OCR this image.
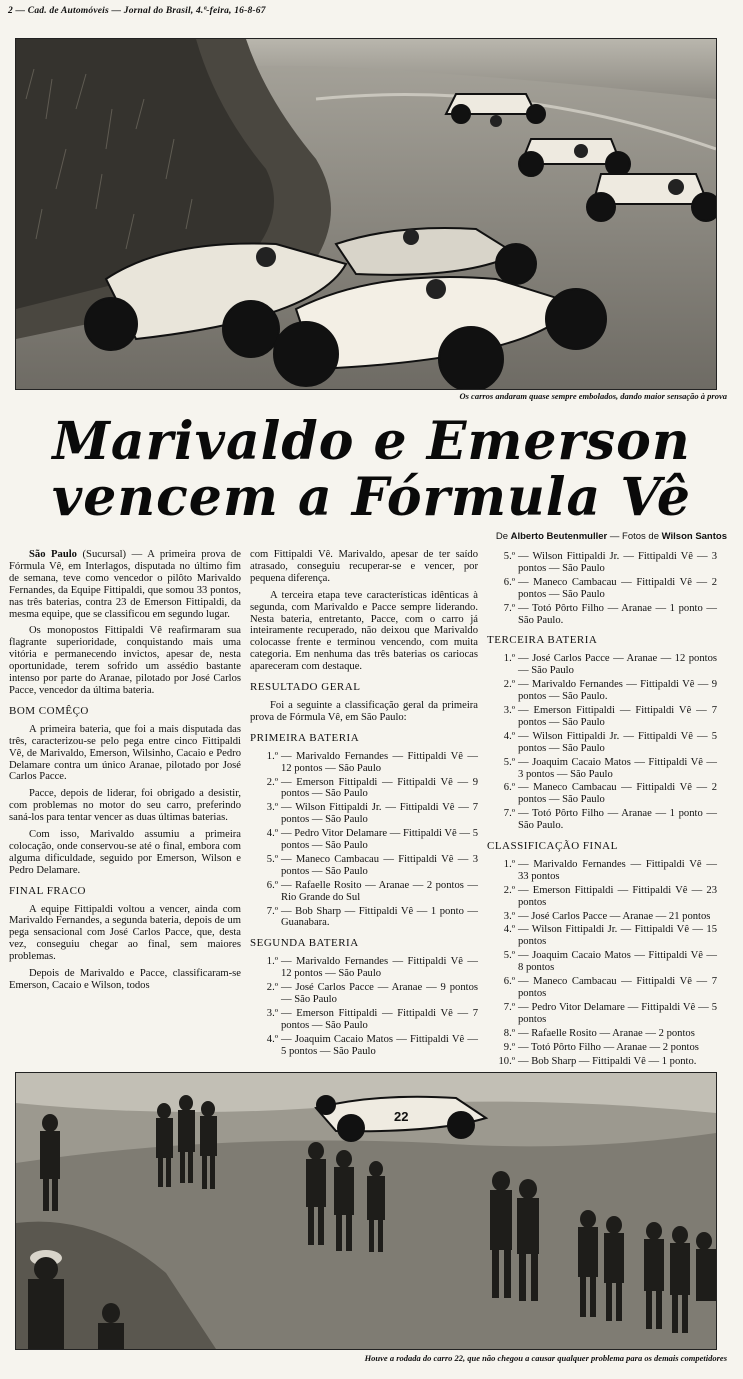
2 — Cad. de Automóveis — Jornal do Brasil, 4.ª-feira, 16-8-67
Os carros andaram quase sempre embolados, dando maior sensação à prova
Marivaldo e Emerson
vencem a Fórmula Vê
De Alberto Beutenmuller — Fotos de Wilson Santos

São Paulo (Sucursal) — A primeira prova de Fórmula Vê, em Interlagos, disputada no último fim de semana, teve como vencedor o pilôto Marivaldo Fernandes, da Equipe Fittipaldi, que somou 33 pontos, nas três baterias, contra 23 de Emerson Fittipaldi, da mesma equipe, que se classificou em segundo lugar.

Os monopostos Fittipaldi Vê reafirmaram sua flagrante superioridade, conquistando mais uma vitória e permanecendo invictos, apesar de, nesta oportunidade, terem sofrido um assédio bastante intenso por parte do Aranae, pilotado por José Carlos Pacce, vencedor da última bateria.

BOM COMÊÇO

A primeira bateria, que foi a mais disputada das três, caracterizou-se pelo pega entre cinco Fittipaldi Vê, de Marivaldo, Emerson, Wilsinho, Cacaio e Pedro Delamare contra um único Aranae, pilotado por José Carlos Pacce.

Pacce, depois de liderar, foi obrigado a desistir, com problemas no motor do seu carro, preferindo saná-los para tentar vencer as duas últimas baterias.

Com isso, Marivaldo assumiu a primeira colocação, onde conservou-se até o final, embora com alguma dificuldade, seguido por Emerson, Wilson e Pedro Delamare.

FINAL FRACO

A equipe Fittipaldi voltou a vencer, ainda com Marivaldo Fernandes, a segunda bateria, depois de um pega sensacional com José Carlos Pacce, que, desta vez, conseguiu chegar ao final, sem maiores problemas.

Depois de Marivaldo e Pacce, classificaram-se Emerson, Cacaio e Wilson, todos

com Fittipaldi Vê. Marivaldo, apesar de ter saído atrasado, conseguiu recuperar-se e vencer, por pequena diferença.

A terceira etapa teve características idênticas à segunda, com Marivaldo e Pacce sempre liderando. Nesta bateria, entretanto, Pacce, com o carro já inteiramente recuperado, não deixou que Marivaldo colocasse frente e terminou vencendo, com muita categoria. Em nenhuma das três baterias os cariocas apareceram com destaque.

RESULTADO GERAL

Foi a seguinte a classificação geral da primeira prova de Fórmula Vê, em São Paulo:

PRIMEIRA BATERIA
1.º — Marivaldo Fernandes — Fittipaldi Vê — 12 pontos — São Paulo
2.º — Emerson Fittipaldi — Fittipaldi Vê — 9 pontos — São Paulo
3.º — Wilson Fittipaldi Jr. — Fittipaldi Vê — 7 pontos — São Paulo
4.º — Pedro Vitor Delamare — Fittipaldi Vê — 5 pontos — São Paulo
5.º — Maneco Cambacau — Fittipaldi Vê — 3 pontos — São Paulo
6.º — Rafaelle Rosito — Aranae — 2 pontos — Rio Grande do Sul
7.º — Bob Sharp — Fittipaldi Vê — 1 ponto — Guanabara.
SEGUNDA BATERIA
1.º — Marivaldo Fernandes — Fittipaldi Vê — 12 pontos — São Paulo
2.º — José Carlos Pacce — Aranae — 9 pontos — São Paulo
3.º — Emerson Fittipaldi — Fittipaldi Vê — 7 pontos — São Paulo
4.º — Joaquim Cacaio Matos — Fittipaldi Vê — 5 pontos — São Paulo
5.º — Wilson Fittipaldi Jr. — Fittipaldi Vê — 3 pontos — São Paulo
6.º — Maneco Cambacau — Fittipaldi Vê — 2 pontos — São Paulo
7.º — Totó Pôrto Filho — Aranae — 1 ponto — São Paulo.
TERCEIRA BATERIA
1.º — José Carlos Pacce — Aranae — 12 pontos — São Paulo
2.º — Marivaldo Fernandes — Fittipaldi Vê — 9 pontos — São Paulo.
3.º — Emerson Fittipaldi — Fittipaldi Vê — 7 pontos — São Paulo
4.º — Wilson Fittipaldi Jr. — Fittipaldi Vê — 5 pontos — São Paulo
5.º — Joaquim Cacaio Matos — Fittipaldi Vê — 3 pontos — São Paulo
6.º — Maneco Cambacau — Fittipaldi Vê — 2 pontos — São Paulo
7.º — Totó Pôrto Filho — Aranae — 1 ponto — São Paulo.
CLASSIFICAÇÃO FINAL
1.º — Marivaldo Fernandes — Fittipaldi Vê — 33 pontos
2.º — Emerson Fittipaldi — Fittipaldi Vê — 23 pontos
3.º — José Carlos Pacce — Aranae — 21 pontos
4.º — Wilson Fittipaldi Jr. — Fittipaldi Vê — 15 pontos
5.º — Joaquim Cacaio Matos — Fittipaldi Vê — 8 pontos
6.º — Maneco Cambacau — Fittipaldi Vê — 7 pontos
7.º — Pedro Vitor Delamare — Fittipaldi Vê — 5 pontos
8.º — Rafaelle Rosito — Aranae — 2 pontos
9.º — Totó Pôrto Filho — Aranae — 2 pontos
10.º — Bob Sharp — Fittipaldi Vê — 1 ponto.
22
Houve a rodada do carro 22, que não chegou a causar qualquer problema para os demais competidores
